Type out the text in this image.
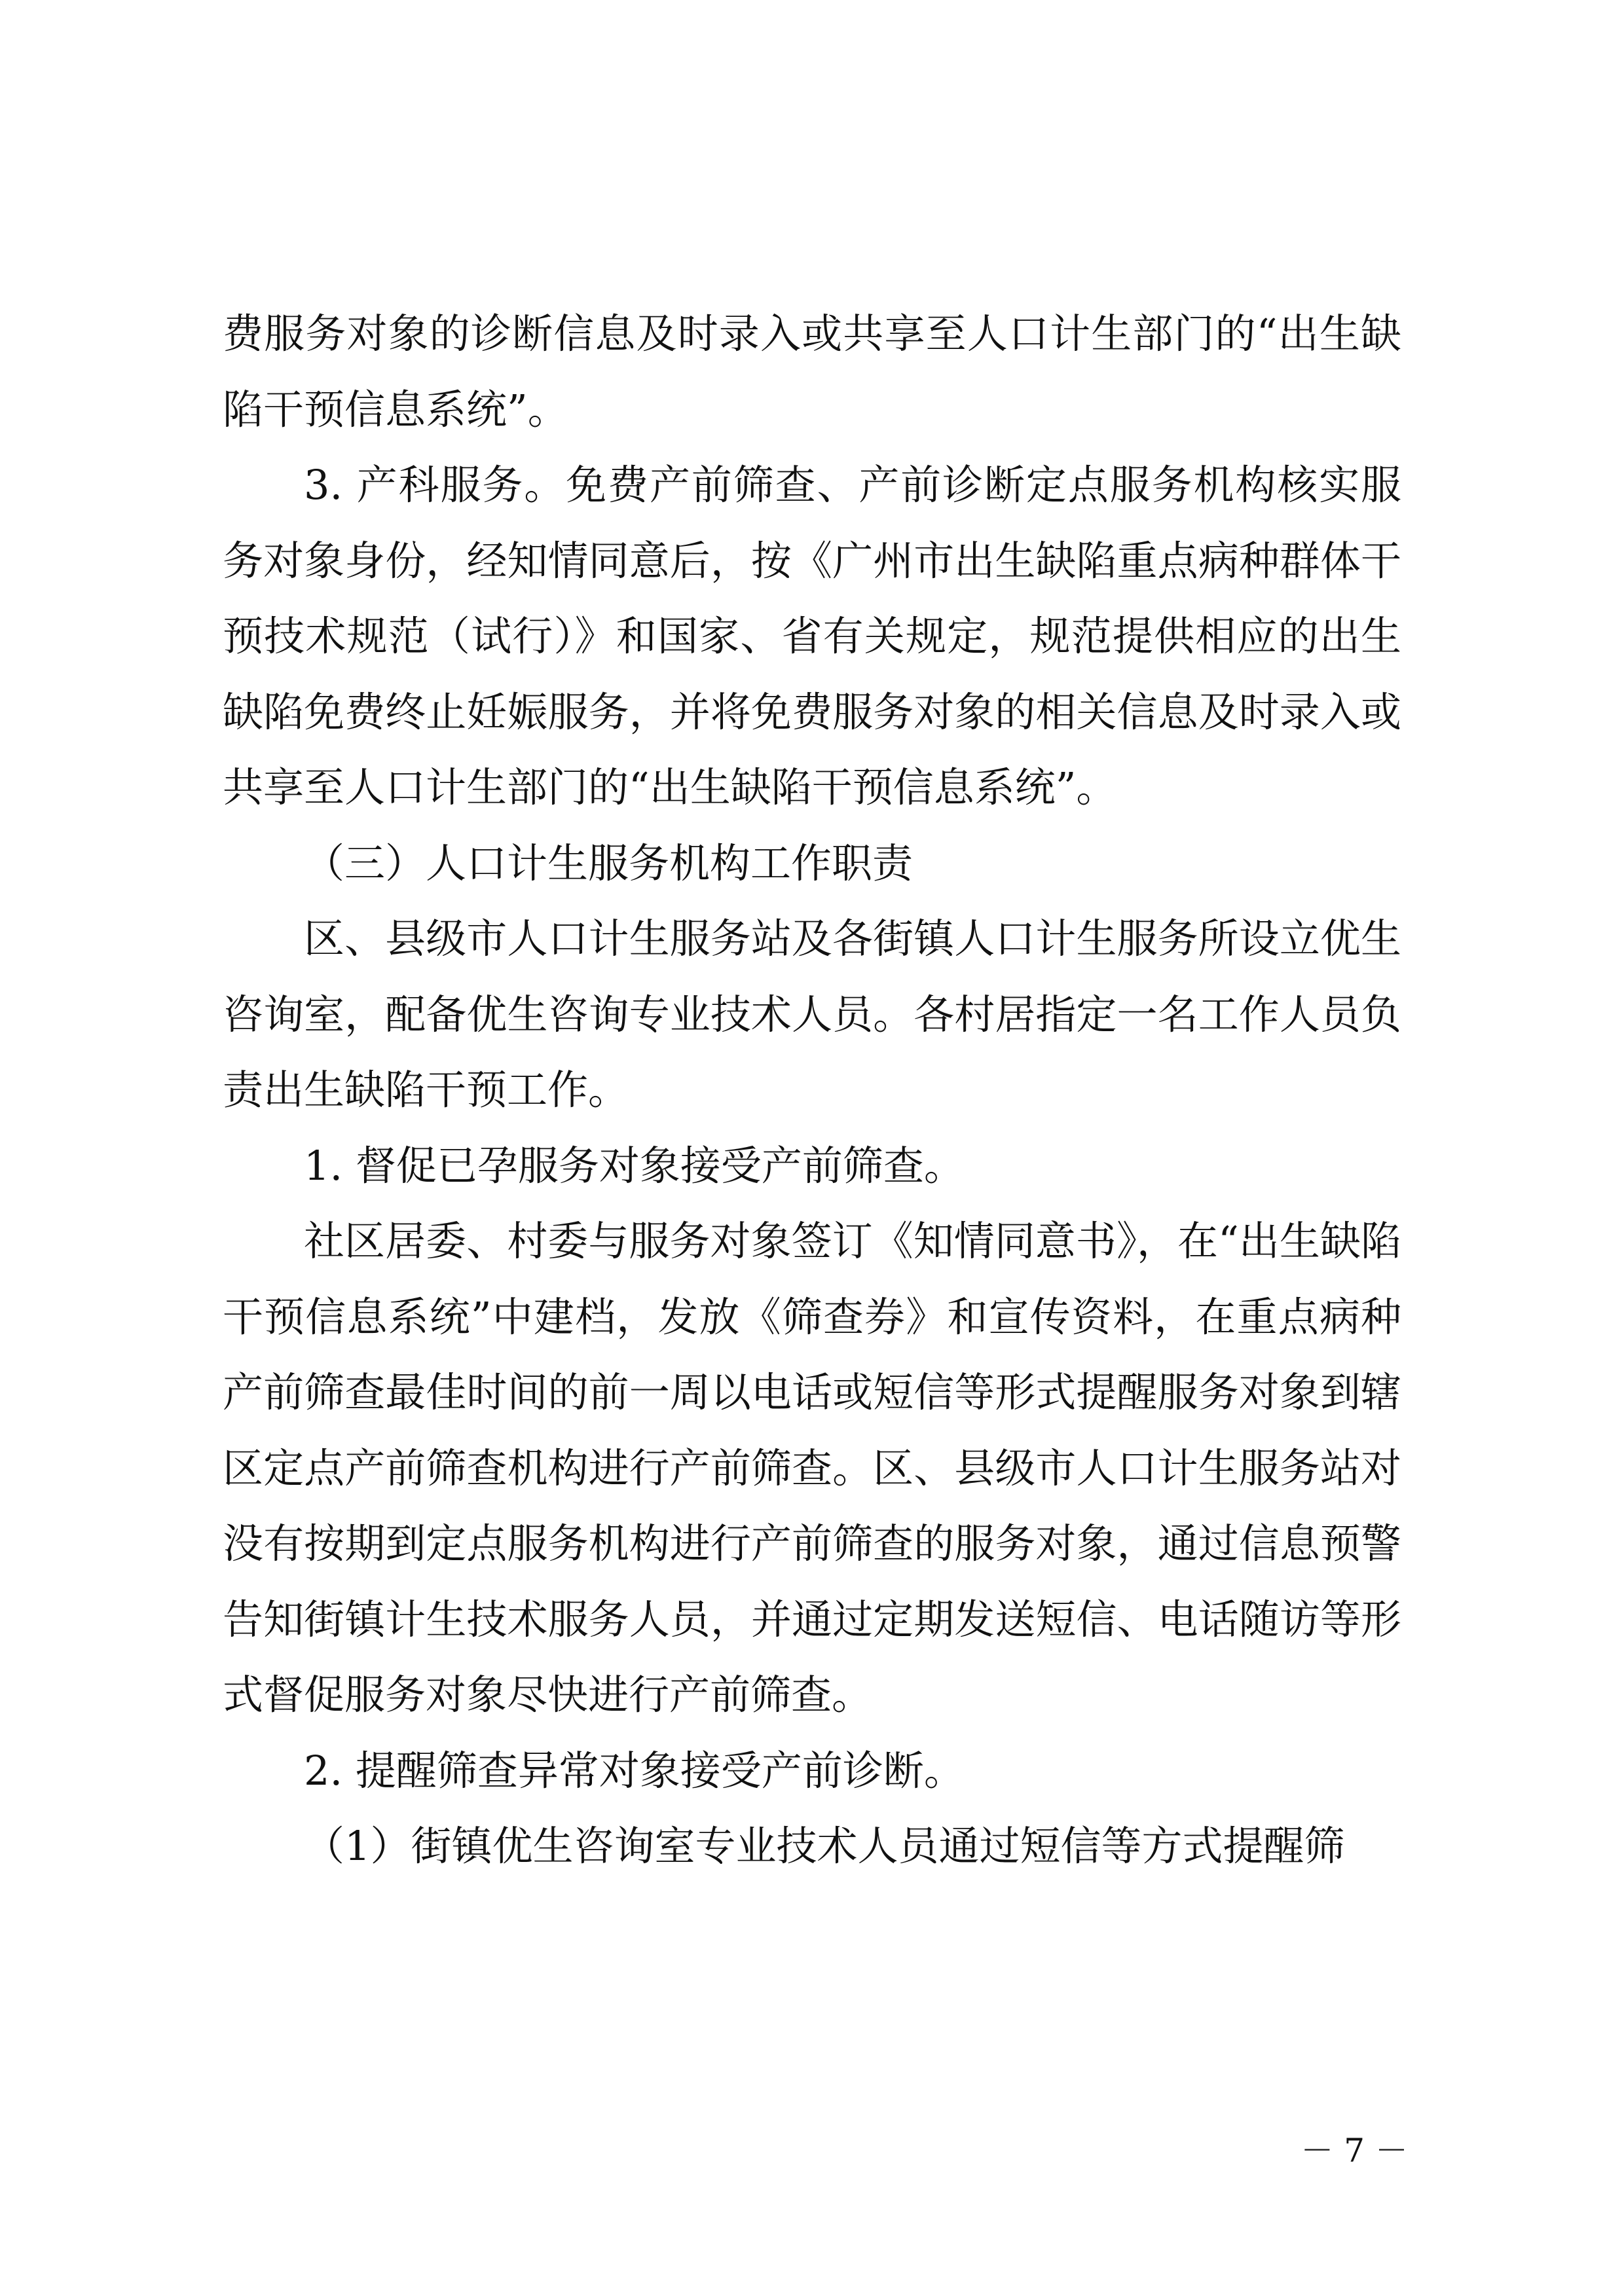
费服务对象的诊断信息及时录入或共享至人口计生部门的“出生缺陷干预信息系统”。

3. 产科服务。免费产前筛查、产前诊断定点服务机构核实服务对象身份，经知情同意后，按《广州市出生缺陷重点病种群体干预技术规范（试行）》和国家、省有关规定，规范提供相应的出生缺陷免费终止妊娠服务，并将免费服务对象的相关信息及时录入或共享至人口计生部门的“出生缺陷干预信息系统”。

（三）人口计生服务机构工作职责

区、县级市人口计生服务站及各街镇人口计生服务所设立优生咨询室，配备优生咨询专业技术人员。各村居指定一名工作人员负责出生缺陷干预工作。

1. 督促已孕服务对象接受产前筛查。

社区居委、村委与服务对象签订《知情同意书》，在“出生缺陷干预信息系统”中建档，发放《筛查券》和宣传资料，在重点病种产前筛查最佳时间的前一周以电话或短信等形式提醒服务对象到辖区定点产前筛查机构进行产前筛查。区、县级市人口计生服务站对没有按期到定点服务机构进行产前筛查的服务对象，通过信息预警告知街镇计生技术服务人员，并通过定期发送短信、电话随访等形式督促服务对象尽快进行产前筛查。

2. 提醒筛查异常对象接受产前诊断。

（1）街镇优生咨询室专业技术人员通过短信等方式提醒筛

－ 7 －
